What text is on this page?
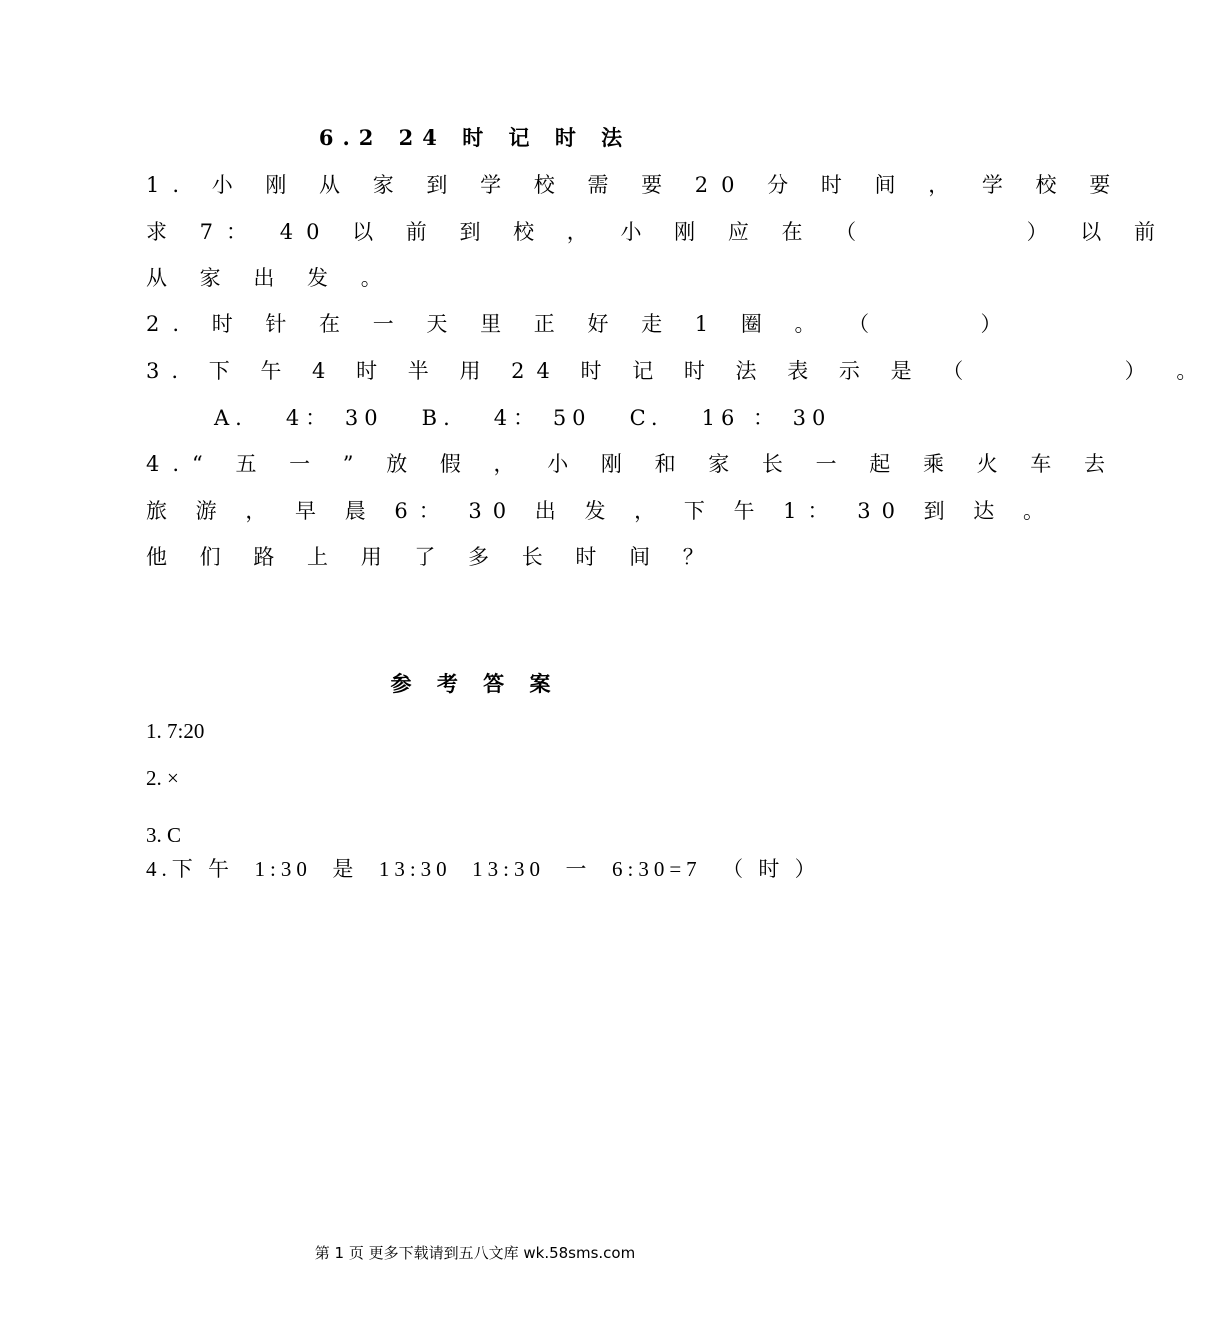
6.2 24 时 记 时 法
1. 小 刚 从 家 到 学 校 需 要 20 分 时 间 ， 学 校 要
求 7： 40 以 前 到 校 ， 小 刚 应 在 （        ） 以 前
从 家 出 发 。
2. 时 针 在 一 天 里 正 好 走 1 圈 。 （     ）
3. 下 午 4 时 半 用 24 时 记 时 法 表 示 是 （        ） 。
A.   4： 30   B.   4： 50   C.   16 ： 30
4.“ 五 一 ” 放 假 ， 小 刚 和 家 长 一 起 乘 火 车 去
旅 游 ， 早 晨 6： 30 出 发 ， 下 午 1： 30 到 达 。
他 们 路 上 用 了 多 长 时 间 ？
参 考 答 案
1. 7:20
2. ×
3. C
4.下 午  1:30  是  13:30  13:30  一  6:30=7  （ 时 ）
第 1 页 更多下载请到五八文库 wk.58sms.com
